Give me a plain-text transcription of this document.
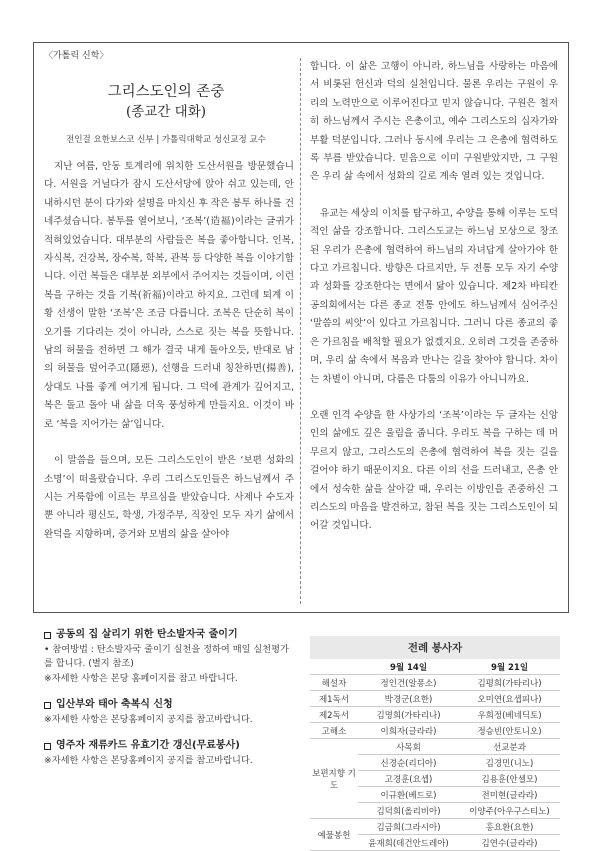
〈가톨릭 신학〉
그리스도인의 존중
(종교간 대화)
전인걸 요한보스코 신부 | 가톨릭대학교 성신교정 교수

지난 여름, 안동 토계리에 위치한 도산서원을 방문했습니다. 서원을 거닐다가 잠시 도산서당에 앉아 쉬고 있는데, 안내하시던 분이 다가와 설명을 마치신 후 작은 봉투 하나를 건네주셨습니다. 봉투를 열어보니, ‘조복’(造福)이라는 글귀가 적혀있었습니다. 대부분의 사람들은 복을 좋아합니다. 인복, 자식복, 건강복, 장수복, 학복, 관복 등 다양한 복을 이야기합니다. 이런 복들은 대부분 외부에서 주어지는 것들이며, 이런 복을 구하는 것을 기복(祈福)이라고 하지요. 그런데 퇴계 이황 선생이 말한 ‘조복’은 조금 다릅니다. 조복은 단순히 복이 오기를 기다리는 것이 아니라, 스스로 짓는 복을 뜻합니다. 남의 허물을 전하면 그 해가 결국 내게 돌아오듯, 반대로 남의 허물을 덮어주고(隱惡), 선행을 드러내 칭찬하면(揚善), 상대도 나를 좋게 여기게 됩니다. 그 덕에 관계가 깊어지고, 복은 돌고 돌아 내 삶을 더욱 풍성하게 만들지요. 이것이 바로 ‘복을 지어가는 삶’입니다.

이 말씀을 들으며, 모든 그리스도인이 받은 ‘보편 성화의 소명’이 떠올랐습니다. 우리 그리스도인들은 하느님께서 주시는 거룩함에 이르는 부르심을 받았습니다. 사제나 수도자뿐 아니라 평신도, 학생, 가정주부, 직장인 모두 자기 삶에서 완덕을 지향하며, 증거와 모범의 삶을 살아야

합니다. 이 삶은 고행이 아니라, 하느님을 사랑하는 마음에서 비롯된 헌신과 덕의 실천입니다. 물론 우리는 구원이 우리의 노력만으로 이루어진다고 믿지 않습니다. 구원은 철저히 하느님께서 주시는 은총이고, 예수 그리스도의 십자가와 부활 덕분입니다. 그러나 동시에 우리는 그 은총에 협력하도록 부름 받았습니다. 믿음으로 이미 구원받았지만, 그 구원은 우리 삶 속에서 성화의 길로 계속 열려 있는 것입니다.

유교는 세상의 이치를 탐구하고, 수양을 통해 이루는 도덕적인 삶을 강조합니다. 그리스도교는 하느님 모상으로 창조된 우리가 은총에 협력하여 하느님의 자녀답게 살아가야 한다고 가르칩니다. 방향은 다르지만, 두 전통 모두 자기 수양과 성화를 강조한다는 면에서 닮아 있습니다. 제2차 바티칸 공의회에서는 다른 종교 전통 안에도 하느님께서 심어주신 ‘말씀의 씨앗’이 있다고 가르칩니다. 그러니 다른 종교의 좋은 가르침을 배척할 필요가 없겠지요. 오히려 그것을 존중하며, 우리 삶 속에서 복음과 만나는 길을 찾아야 합니다. 차이는 차별이 아니며, 다름은 다툼의 이유가 아니니까요.

오랜 인격 수양을 한 사상가의 ‘조복’이라는 두 글자는 신앙인의 삶에도 깊은 울림을 줍니다. 우리도 복을 구하는 데 머무르지 않고, 그리스도의 은총에 협력하여 복을 짓는 길을 걸어야 하기 때문이지요. 다른 이의 선을 드러내고, 은총 안에서 성숙한 삶을 살아갈 때, 우리는 이방인을 존중하신 그리스도의 마음을 발견하고, 참된 복을 짓는 그리스도인이 되어갈 것입니다.

공동의 집 살리기 위한 탄소발자국 줄이기

• 참여방법 : 탄소발자국 줄이기 실천을 정하여 매일 실천평가를 합니다. (별지 참조)

※자세한 사항은 본당 홈페이지를 참고 바랍니다.

입산부와 태아 축복식 신청

※자세한 사항은 본당홈페이지 공지를 참고바랍니다.

영주자 재류카드 유효기간 갱신(무료봉사)

※자세한 사항은 본당홈페이지 공지를 참고바랍니다.

전례 봉사자		
	9월 14일	9월 21일
해설자	정인건(알퐁소)	김평희(가타리나)
제1독서	박경군(요한)	오미연(요셉피나)
제2독서	김명희(가타리나)	우희정(베네딕토)
고해소	이희자(글라라)	정승빈(안토니오)
보편지향 기 도	사목회	선교분과
	신경순(리디아)	김경민(니노)
	고경훈(요셉)	김용훈(안셀모)
	이규환(베드로)	전미현(글라라)
	김덕희(올리비아)	이양주(아우구스티노)
예물봉헌	김금희(그라시아)	홍요환(요한)
	윤재희(데건안드레아)	김연수(글라라)
